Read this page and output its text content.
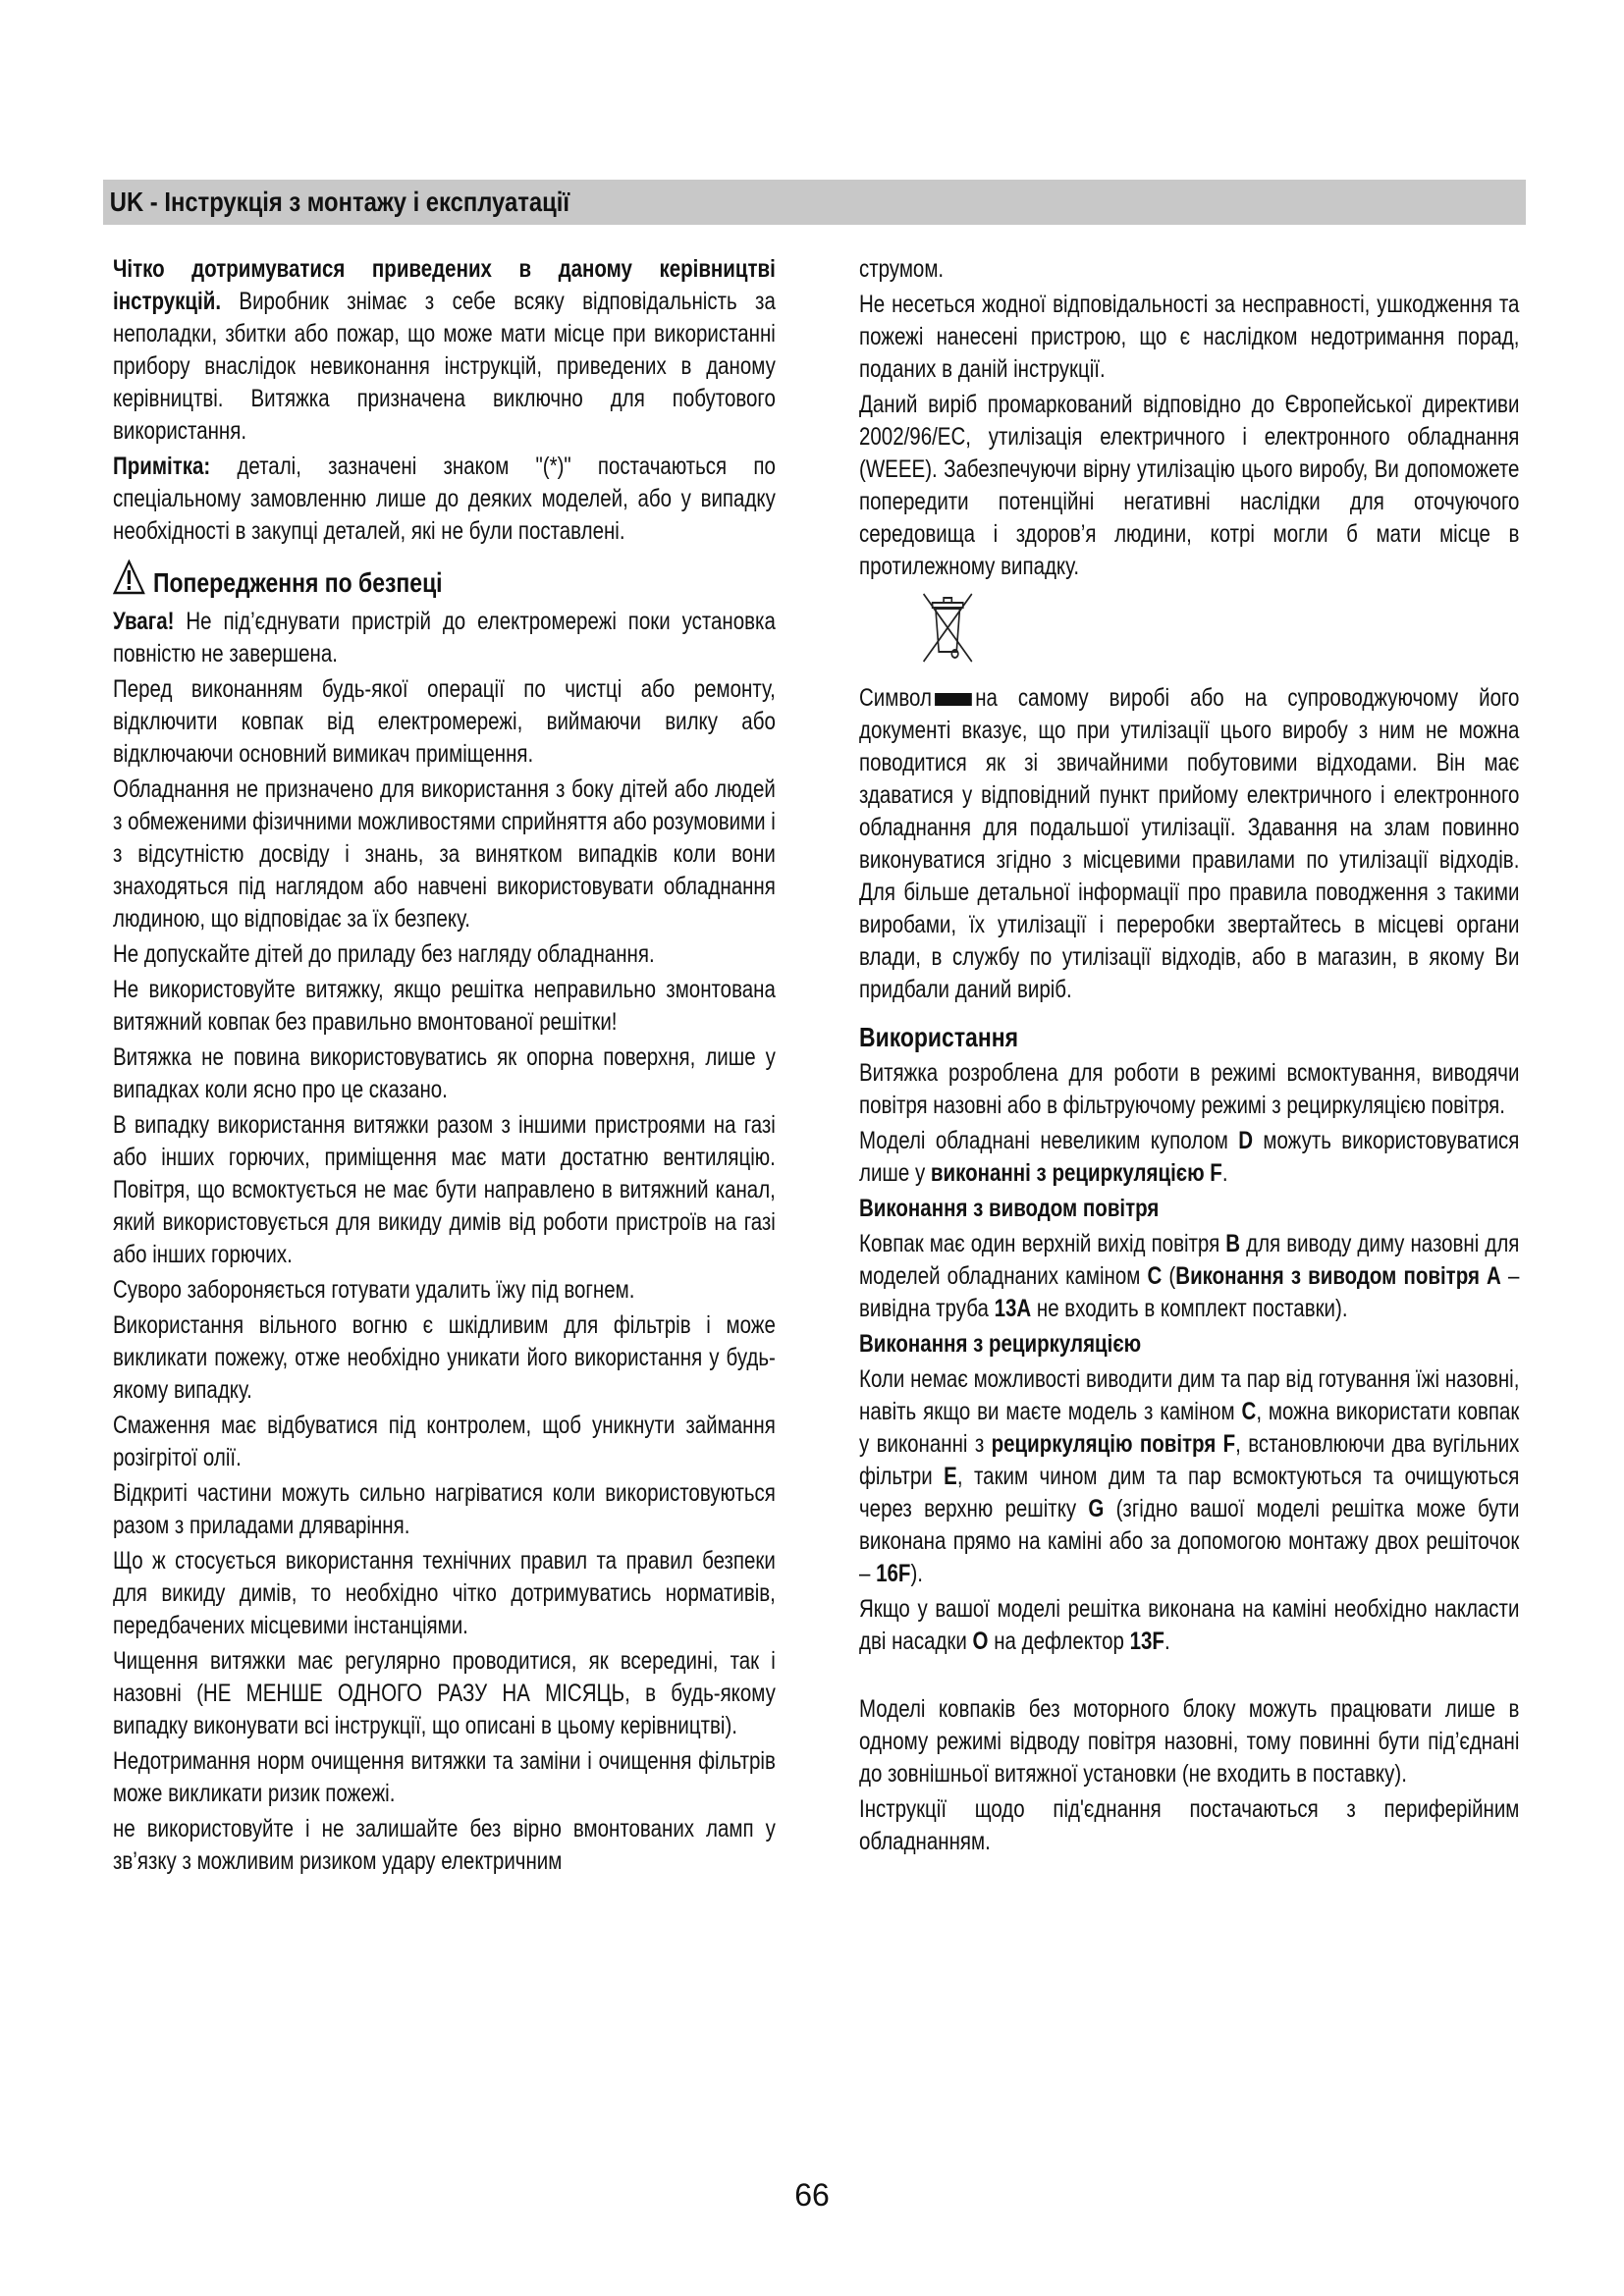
UK - Інструкція з монтажу і експлуатації
Чітко дотримуватися приведених в даному керівництві інструкцій. Виробник знімає з себе всяку відповідальність за неполадки, збитки або пожар, що може мати місце при використанні прибору внаслідок невиконання інструкцій, приведених в даному керівництві. Витяжка призначена виключно для побутового використання.
Примітка: деталі, зазначені знаком "(*)" постачаються по спеціальному замовленню лише до деяких моделей, або у випадку необхідності в закупці деталей, які не були поставлені.
Попередження по безпеці
Увага! Не під’єднувати пристрій до електромережі поки установка повністю не завершена.
Перед виконанням будь-якої операції по чистці або ремонту, відключити ковпак від електромережі, виймаючи вилку або відключаючи основний вимикач приміщення.
Обладнання не призначено для використання з боку дітей або людей з обмеженими фізичними можливостями сприйняття або розумовими і з відсутністю досвіду і знань, за винятком випадків коли вони знаходяться під наглядом або навчені використовувати обладнання людиною, що відповідає за їх безпеку.
Не допускайте дітей до приладу без нагляду обладнання.
Не використовуйте витяжку, якщо решітка неправильно змонтована витяжний ковпак без правильно вмонтованої решітки!
Витяжка не повина використовуватись як опорна поверхня, лише у випадках коли ясно про це сказано.
В випадку використання витяжки разом з іншими пристроями на газі або інших горючих, приміщення має мати достатню вентиляцію. Повітря, що всмоктується не має бути направлено в витяжний канал, який використовується для викиду димів від роботи пристроїв на газі або інших горючих.
Суворо забороняється готувати удалить їжу під вогнем.
Використання вільного вогню є шкідливим для фільтрів і може викликати пожежу, отже необхідно уникати його використання у будь-якому випадку.
Смаження має відбуватися під контролем, щоб уникнути займання розігрітої олії.
Відкриті частини можуть сильно нагріватися коли використовуються разом з приладами дляваріння.
Що ж стосується використання технічних правил та правил безпеки для викиду димів, то необхідно чітко дотримуватись нормативів, передбачених місцевими інстанціями.
Чищення витяжки має регулярно проводитися, як всередині, так і назовні (НЕ МЕНШЕ ОДНОГО РАЗУ НА МІСЯЦЬ, в будь-якому випадку виконувати всі інструкції, що описані в цьому керівництві).
Недотримання норм очищення витяжки та заміни і очищення фільтрів може викликати ризик пожежі.
не використовуйте і не залишайте без вірно вмонтованих ламп у зв’язку з можливим ризиком удару електричним
струмом.
Не несеться жодної відповідальності за несправності, ушкодження та пожежі нанесені пристрою, що є наслідком недотримання порад, поданих в даній інструкції.
Даний виріб промаркований відповідно до Європейської директиви 2002/96/EC, утилізація електричного і електронного обладнання (WEEE). Забезпечуючи вірну утилізацію цього виробу, Ви допоможете попередити потенційні негативні наслідки для оточуючого середовища і здоров’я людини, котрі могли б мати місце в протилежному випадку.
Символ на самому виробі або на супроводжуючому його документі вказує, що при утилізації цього виробу з ним не можна поводитися як зі звичайними побутовими відходами. Він має здаватися у відповідний пункт прийому електричного і електронного обладнання для подальшої утилізації. Здавання на злам повинно виконуватися згідно з місцевими правилами по утилізації відходів. Для більше детальної інформації про правила поводження з такими виробами, їх утилізації і переробки звертайтесь в місцеві органи влади, в службу по утилізації відходів, або в магазин, в якому Ви придбали даний виріб.
Використання
Витяжка розроблена для роботи в режимі всмоктування, виводячи повітря назовні або в фільтруючому режимі з рециркуляцією повітря.
Моделі обладнані невеликим куполом D можуть використовуватися лише у виконанні з рециркуляцією F.
Виконання з виводом повітря
Ковпак має один верхній вихід повітря B для виводу диму назовні для моделей обладнаних каміном C (Виконання з виводом повітря A – вивідна труба 13A не входить в комплект поставки).
Виконання з рециркуляцією
Коли немає можливості виводити дим та пар від готування їжі назовні, навіть якщо ви маєте модель з каміном C, можна використати ковпак у виконанні з рециркуляцію повітря F, встановлюючи два вугільних фільтри E, таким чином дим та пар всмоктуються та очищуються через верхню решітку G (згідно вашої моделі решітка може бути виконана прямо на каміні або за допомогою монтажу двох решіточок – 16F).
Якщо у вашої моделі решітка виконана на каміні необхідно накласти дві насадки O на дефлектор 13F.
Моделі ковпаків без моторного блоку можуть працювати лише в одному режимі відводу повітря назовні, тому повинні бути під’єднані до зовнішньої витяжної установки (не входить в поставку).
Інструкції щодо під'єднання постачаються з периферійним обладнанням.
66
